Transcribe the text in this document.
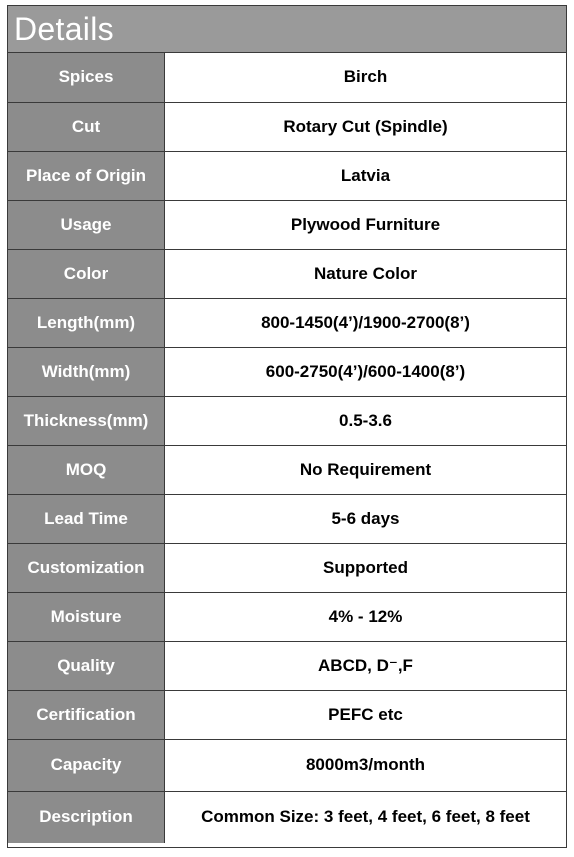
Details
Spices	Birch
Cut	Rotary Cut (Spindle)
Place of Origin	Latvia
Usage	Plywood Furniture
Color	Nature Color
Length(mm)	800-1450(4’)/1900-2700(8’)
Width(mm)	600-2750(4’)/600-1400(8’)
Thickness(mm)	0.5-3.6
MOQ	No Requirement
Lead Time	5-6 days
Customization	Supported
Moisture	4% - 12%
Quality	ABCD, D⁻,F
Certification	PEFC etc
Capacity	8000m3/month
Description	Common Size: 3 feet, 4 feet, 6 feet, 8 feet
